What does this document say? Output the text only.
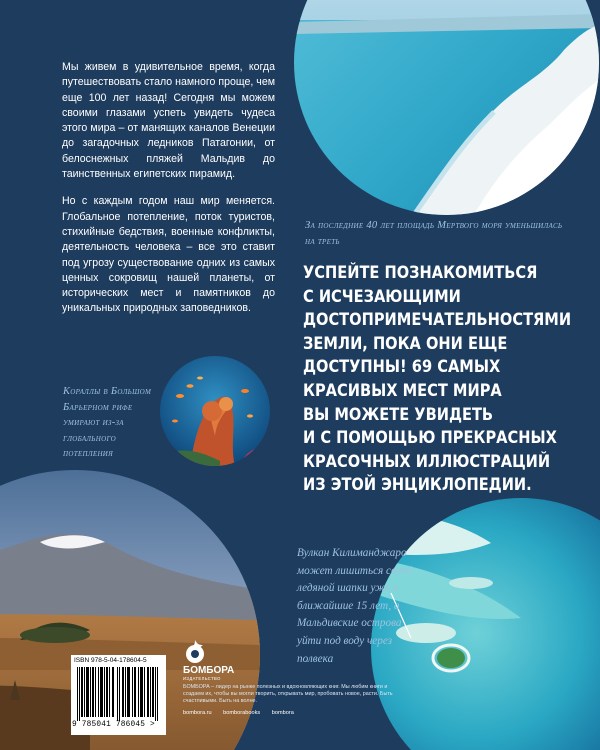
Мы живем в удивительное время, когда путешествовать стало намного проще, чем еще 100 лет назад! Сегодня мы можем своими глазами успеть увидеть чудеса этого мира – от манящих каналов Венеции до загадочных ледников Патагонии, от белоснежных пляжей Мальдив до таинственных египетских пирамид.

Но с каждым годом наш мир меняется. Глобальное потепление, поток туристов, стихийные бедствия, военные конфликты, деятельность человека – все это ставит под угрозу существование одних из самых ценных сокровищ нашей планеты, от исторических мест и памятников до уникальных природных заповедников.

За последние 40 лет площадь Мертвого моря уменьшилась на треть
Кораллы в Большом Барьерном рифе умирают из-за глобального потепления
Вулкан Килиманджаро может лишиться своей ледяной шапки уже в ближайшие 15 лет, а Мальдивские острова уйти под воду через полвека
УСПЕЙТЕ ПОЗНАКОМИТЬСЯ
С ИСЧЕЗАЮЩИМИ
ДОСТОПРИМЕЧАТЕЛЬНОСТЯМИ
ЗЕМЛИ, ПОКА ОНИ ЕЩЕ
ДОСТУПНЫ! 69 САМЫХ
КРАСИВЫХ МЕСТ МИРА
ВЫ МОЖЕТЕ УВИДЕТЬ
И С ПОМОЩЬЮ ПРЕКРАСНЫХ
КРАСОЧНЫХ ИЛЛЮСТРАЦИЙ
ИЗ ЭТОЙ ЭНЦИКЛОПЕДИИ.
ISBN 978-5-04-178604-5
9 785041 786045 >
БОМБОРА
ИЗДАТЕЛЬСТВО
БОМБОРА – лидер на рынке полезных и вдохновляющих книг. Мы любим книги и создаем их, чтобы вы могли творить, открывать мир, пробовать новое, расти. Быть счастливыми. Быть на волне.
bombora.ru bomborabooks bombora
